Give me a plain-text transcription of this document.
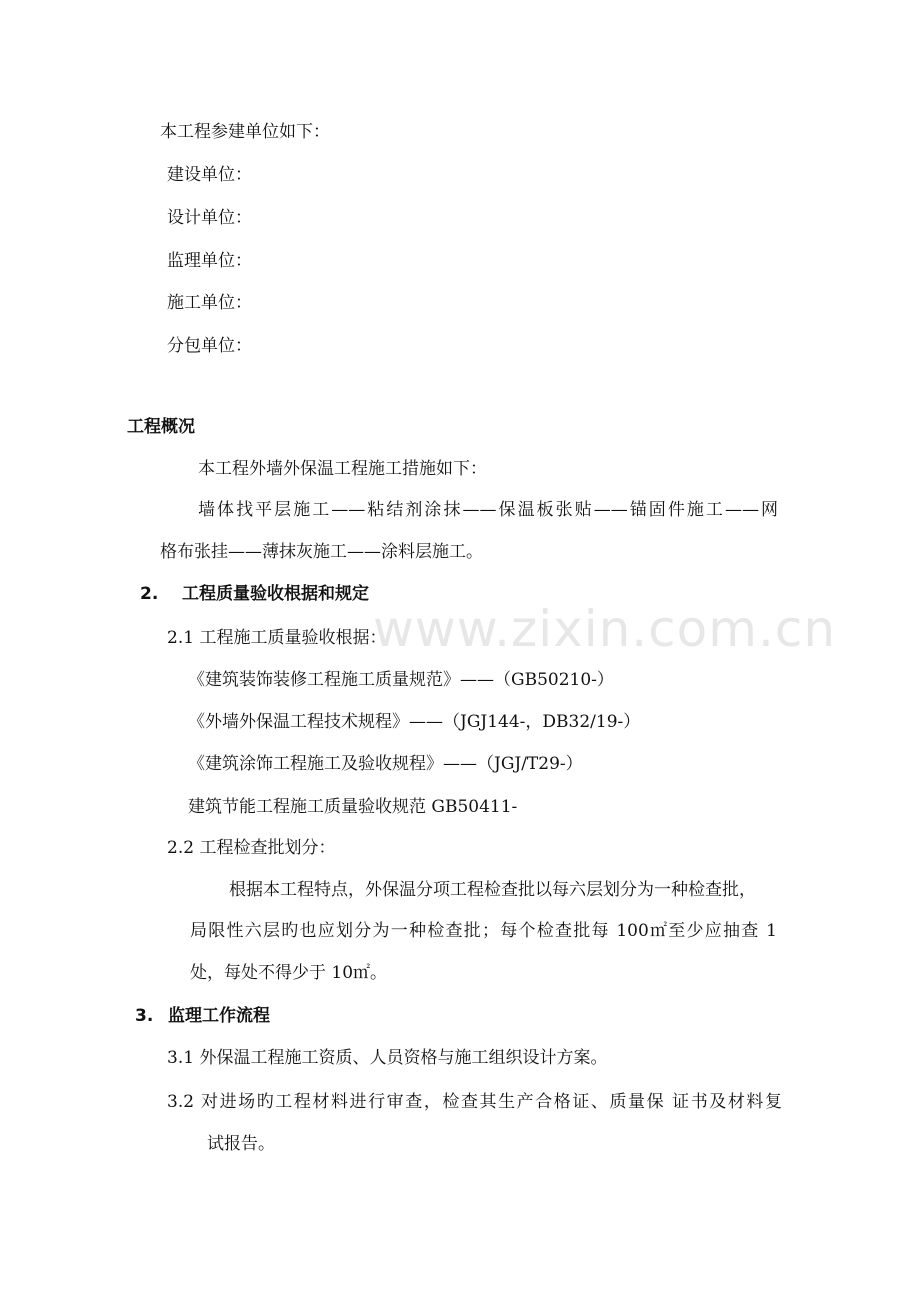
www.zixin.com.cn
本工程参建单位如下：
建设单位：
设计单位：
监理单位：
施工单位：
分包单位：
工程概况
本工程外墙外保温工程施工措施如下：
墙体找平层施工——粘结剂涂抹——保温板张贴——锚固件施工——网
格布张挂——薄抹灰施工——涂料层施工。
2. 工程质量验收根据和规定
2.1 工程施工质量验收根据：
《建筑装饰装修工程施工质量规范》——（GB50210-）
《外墙外保温工程技术规程》——（JGJ144-，DB32/19-）
《建筑涂饰工程施工及验收规程》——（JGJ/T29-）
建筑节能工程施工质量验收规范 GB50411-
2.2 工程检查批划分：
根据本工程特点，外保温分项工程检查批以每六层划分为一种检查批，
局限性六层旳也应划分为一种检查批；每个检查批每 100㎡至少应抽查 1
处，每处不得少于 10㎡。
3. 监理工作流程
3.1 外保温工程施工资质、人员资格与施工组织设计方案。
3.2 对进场旳工程材料进行审查，检查其生产合格证、质量保 证书及材料复
试报告。
